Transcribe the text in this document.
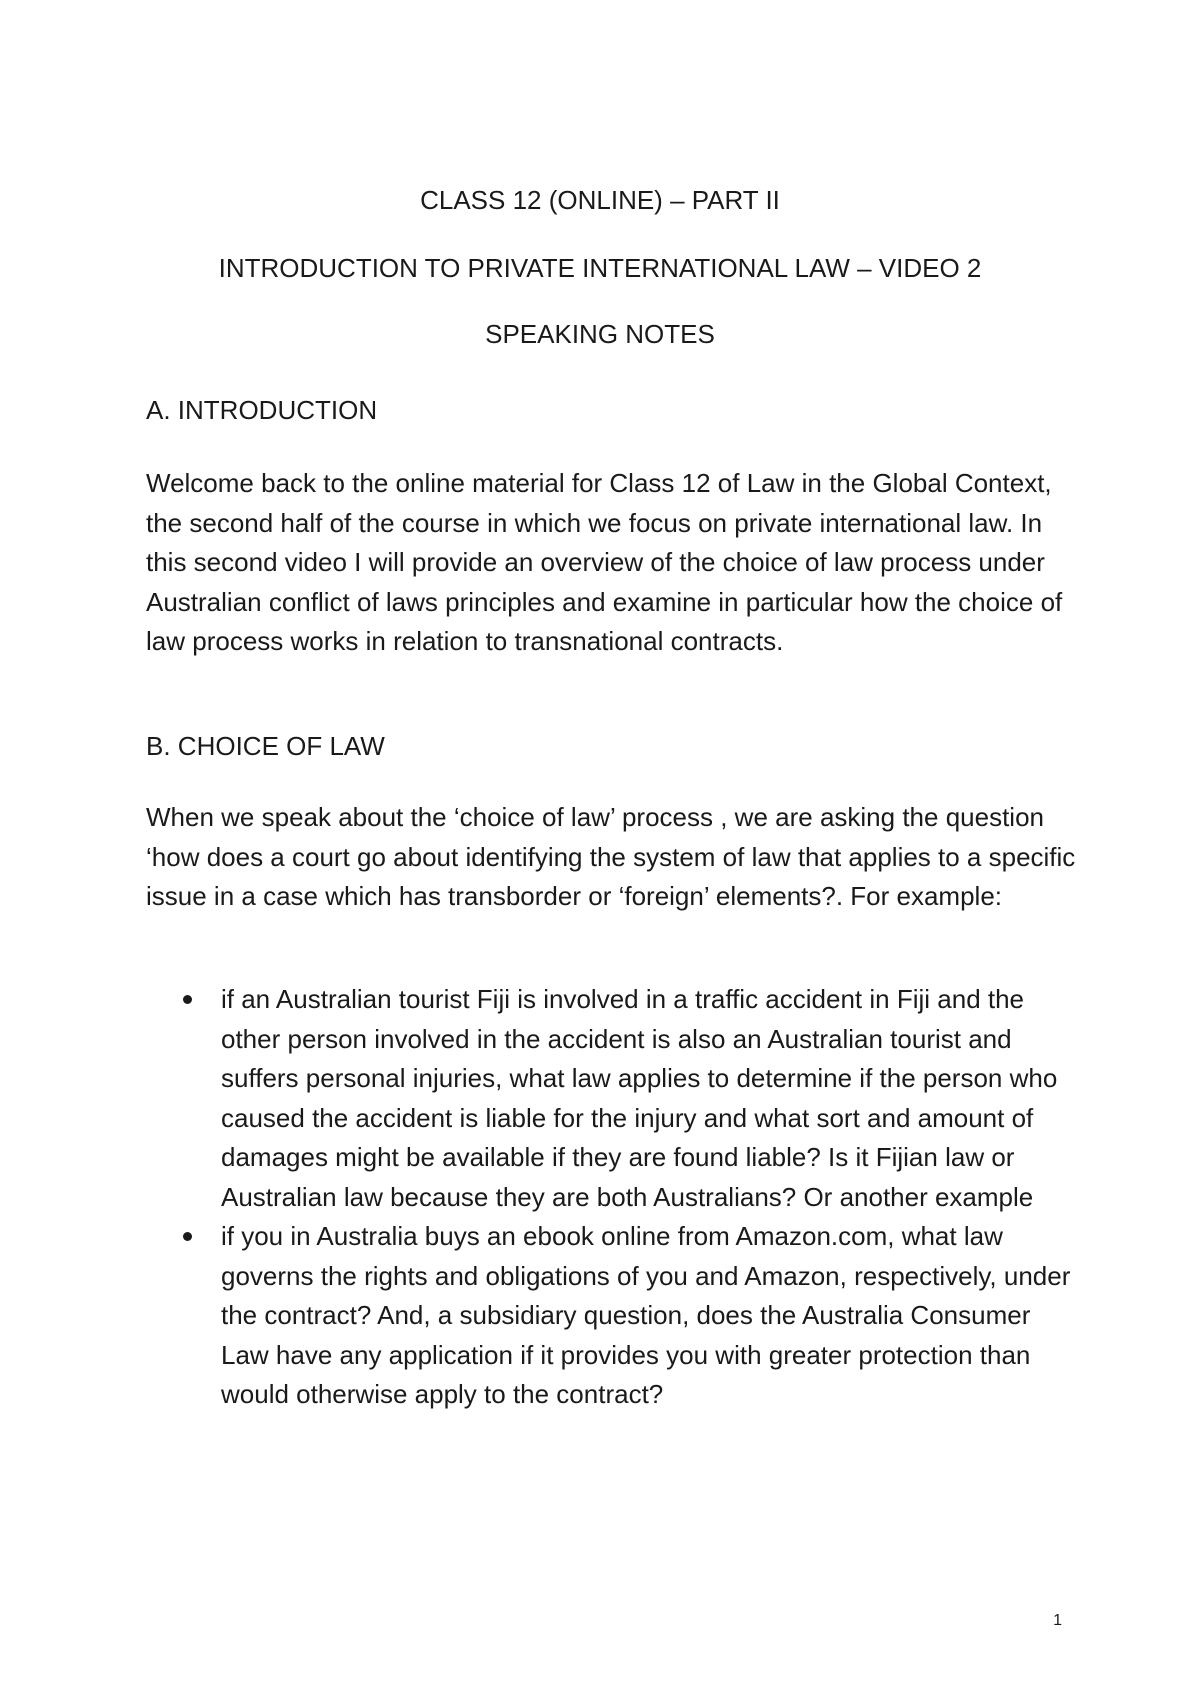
CLASS 12 (ONLINE) – PART II
INTRODUCTION TO PRIVATE INTERNATIONAL LAW – VIDEO 2
SPEAKING NOTES
A. INTRODUCTION

Welcome back to the online material for Class 12 of Law in the Global Context, the second half of the course in which we focus on private international law. In this second video I will provide an overview of the choice of law process under Australian conflict of laws principles and examine in particular how the choice of law process works in relation to transnational contracts.

B. CHOICE OF LAW

When we speak about the ‘choice of law’ process , we are asking the question ‘how does a court go about identifying the system of law that applies to a specific issue in a case which has transborder or ‘foreign’ elements?. For example:

if an Australian tourist Fiji is involved in a traffic accident in Fiji and the other person involved in the accident is also an Australian tourist and suffers personal injuries, what law applies to determine if the person who caused the accident is liable for the injury and what sort and amount of damages might be available if they are found liable? Is it Fijian law or Australian law because they are both Australians? Or another example
if you in Australia buys an ebook online from Amazon.com, what law governs the rights and obligations of you and Amazon, respectively, under the contract? And, a subsidiary question, does the Australia Consumer Law have any application if it provides you with greater protection than would otherwise apply to the contract?
1
